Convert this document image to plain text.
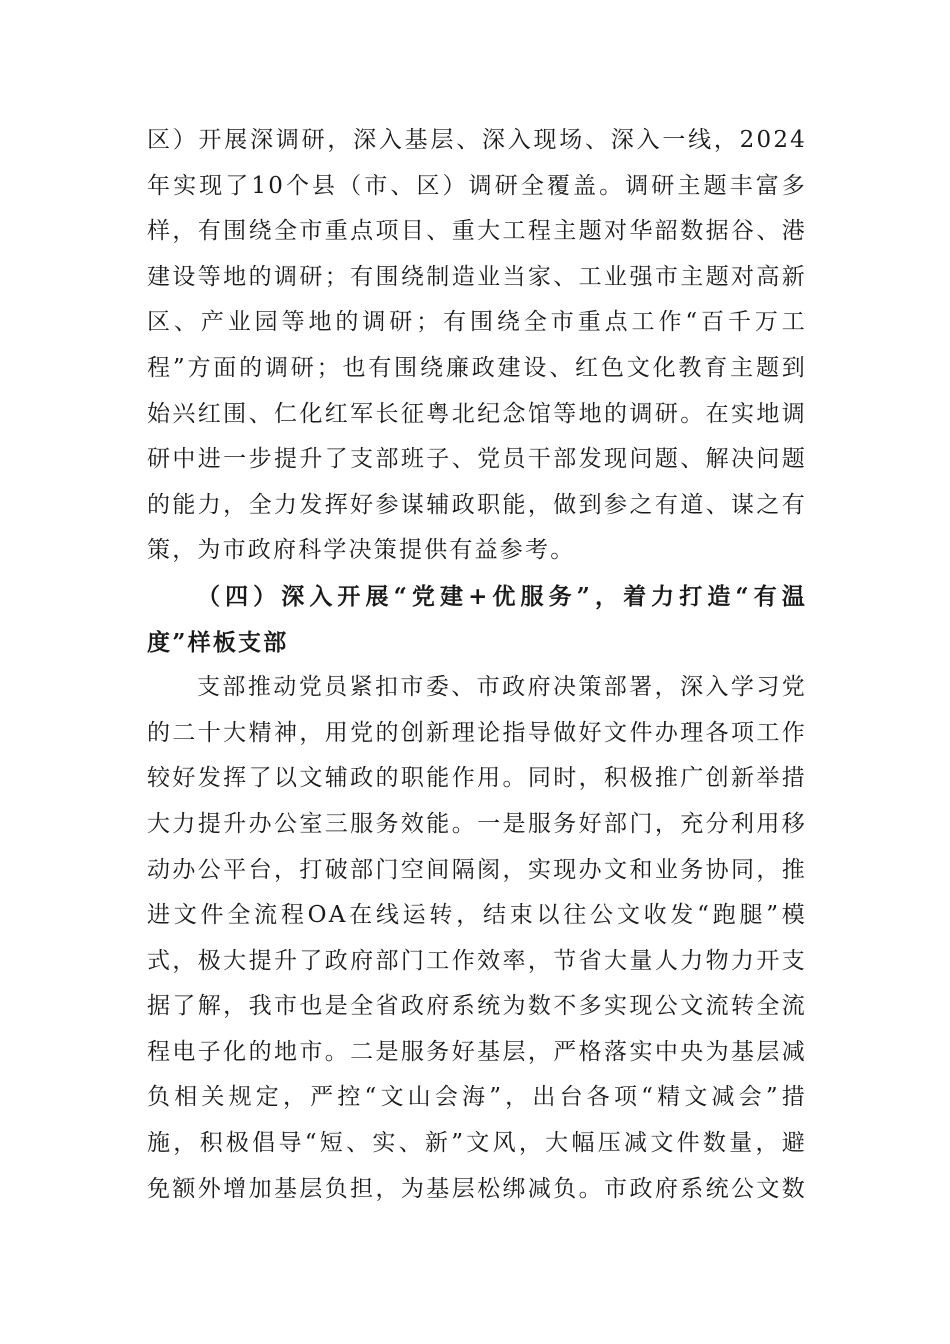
区）开展深调研，深入基层、深入现场、深入一线，2024
年实现了10个县（市、区）调研全覆盖。调研主题丰富多
样，有围绕全市重点项目、重大工程主题对华韶数据谷、港
建设等地的调研；有围绕制造业当家、工业强市主题对高新
区、产业园等地的调研；有围绕全市重点工作“百千万工
程”方面的调研；也有围绕廉政建设、红色文化教育主题到
始兴红围、仁化红军长征粤北纪念馆等地的调研。在实地调
研中进一步提升了支部班子、党员干部发现问题、解决问题
的能力，全力发挥好参谋辅政职能，做到参之有道、谋之有
策，为市政府科学决策提供有益参考。
（四）深入开展“党建+优服务”，着力打造“有温
度”样板支部
支部推动党员紧扣市委、市政府决策部署，深入学习党
的二十大精神，用党的创新理论指导做好文件办理各项工作
较好发挥了以文辅政的职能作用。同时，积极推广创新举措
大力提升办公室三服务效能。一是服务好部门，充分利用移
动办公平台，打破部门空间隔阂，实现办文和业务协同，推
进文件全流程OA在线运转，结束以往公文收发“跑腿”模
式，极大提升了政府部门工作效率，节省大量人力物力开支
据了解，我市也是全省政府系统为数不多实现公文流转全流
程电子化的地市。二是服务好基层，严格落实中央为基层减
负相关规定，严控“文山会海”，出台各项“精文减会”措
施，积极倡导“短、实、新”文风，大幅压减文件数量，避
免额外增加基层负担，为基层松绑减负。市政府系统公文数
